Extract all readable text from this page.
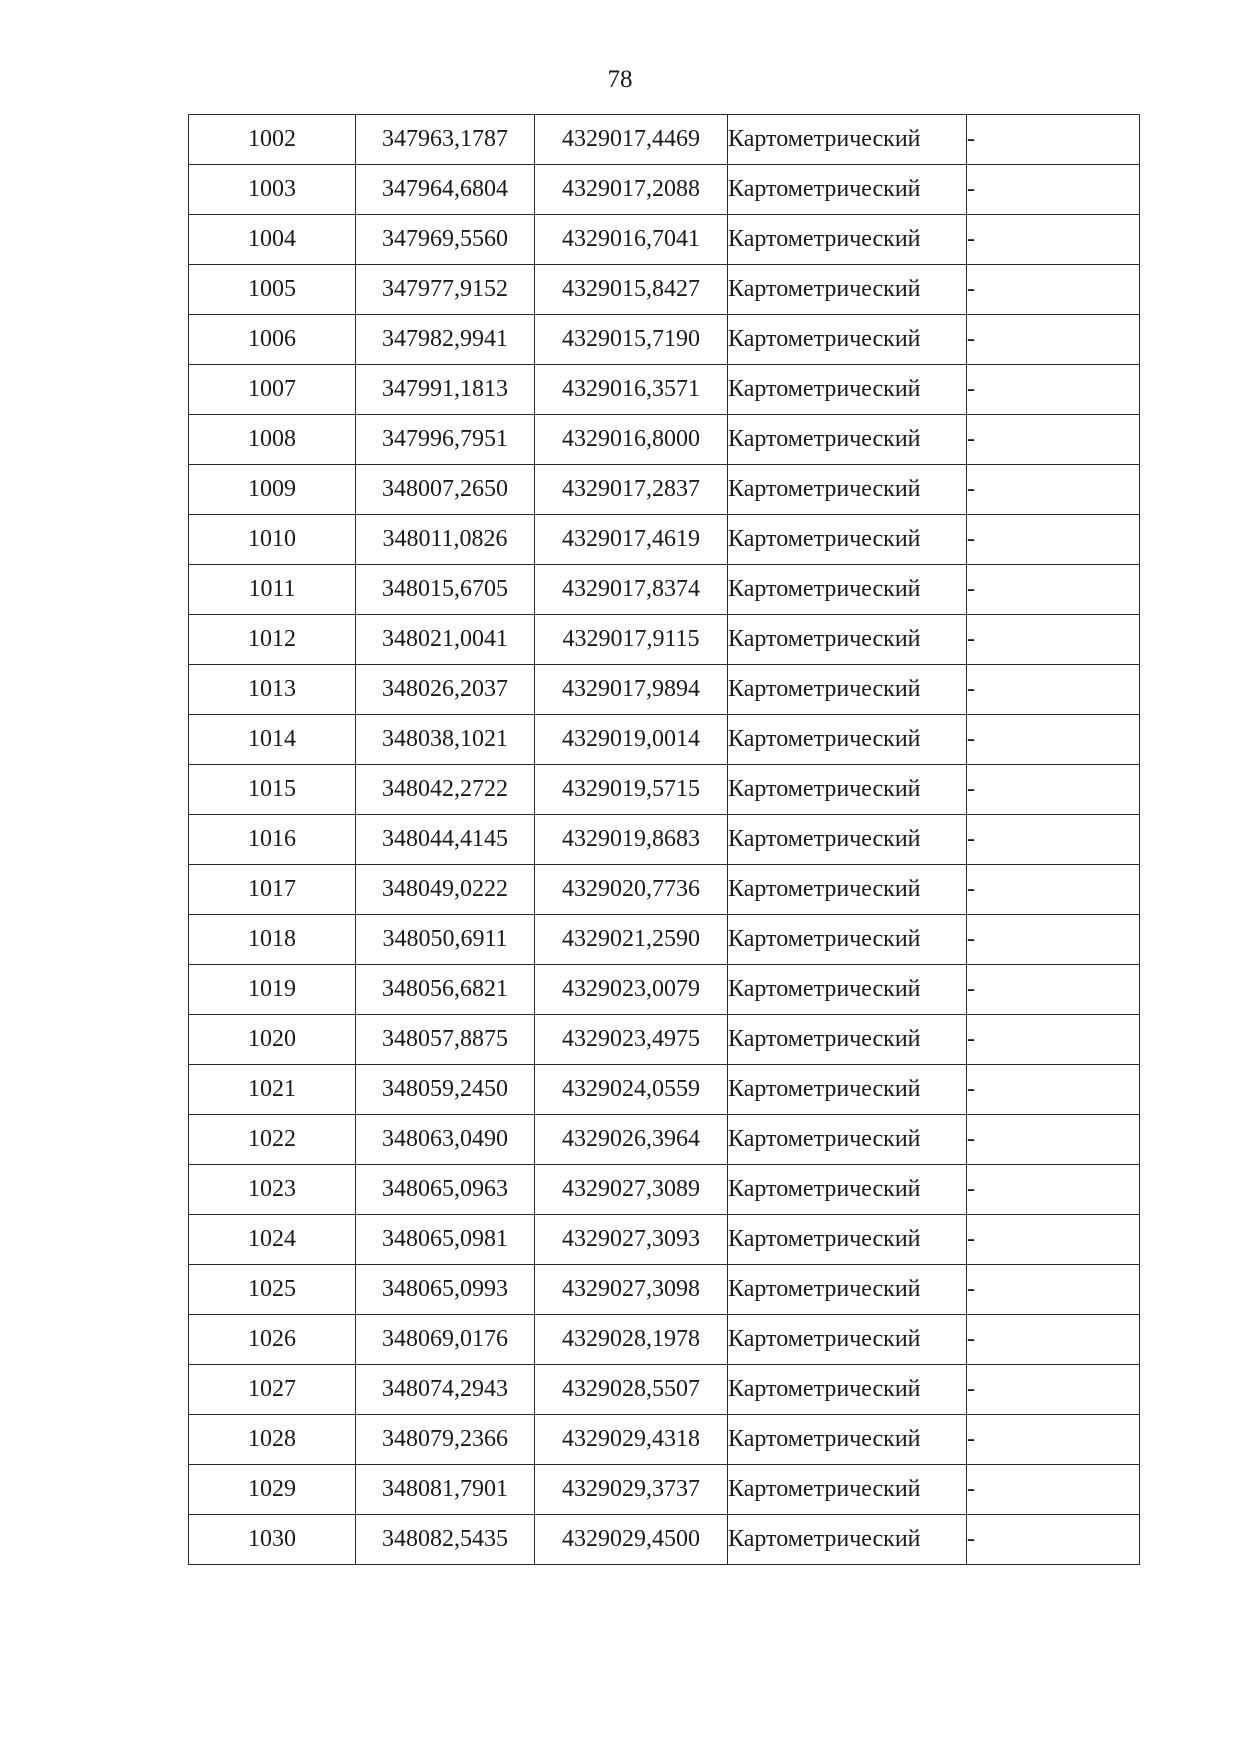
78
1002	347963,1787	4329017,4469	Картометрический	-
1003	347964,6804	4329017,2088	Картометрический	-
1004	347969,5560	4329016,7041	Картометрический	-
1005	347977,9152	4329015,8427	Картометрический	-
1006	347982,9941	4329015,7190	Картометрический	-
1007	347991,1813	4329016,3571	Картометрический	-
1008	347996,7951	4329016,8000	Картометрический	-
1009	348007,2650	4329017,2837	Картометрический	-
1010	348011,0826	4329017,4619	Картометрический	-
1011	348015,6705	4329017,8374	Картометрический	-
1012	348021,0041	4329017,9115	Картометрический	-
1013	348026,2037	4329017,9894	Картометрический	-
1014	348038,1021	4329019,0014	Картометрический	-
1015	348042,2722	4329019,5715	Картометрический	-
1016	348044,4145	4329019,8683	Картометрический	-
1017	348049,0222	4329020,7736	Картометрический	-
1018	348050,6911	4329021,2590	Картометрический	-
1019	348056,6821	4329023,0079	Картометрический	-
1020	348057,8875	4329023,4975	Картометрический	-
1021	348059,2450	4329024,0559	Картометрический	-
1022	348063,0490	4329026,3964	Картометрический	-
1023	348065,0963	4329027,3089	Картометрический	-
1024	348065,0981	4329027,3093	Картометрический	-
1025	348065,0993	4329027,3098	Картометрический	-
1026	348069,0176	4329028,1978	Картометрический	-
1027	348074,2943	4329028,5507	Картометрический	-
1028	348079,2366	4329029,4318	Картометрический	-
1029	348081,7901	4329029,3737	Картометрический	-
1030	348082,5435	4329029,4500	Картометрический	-
